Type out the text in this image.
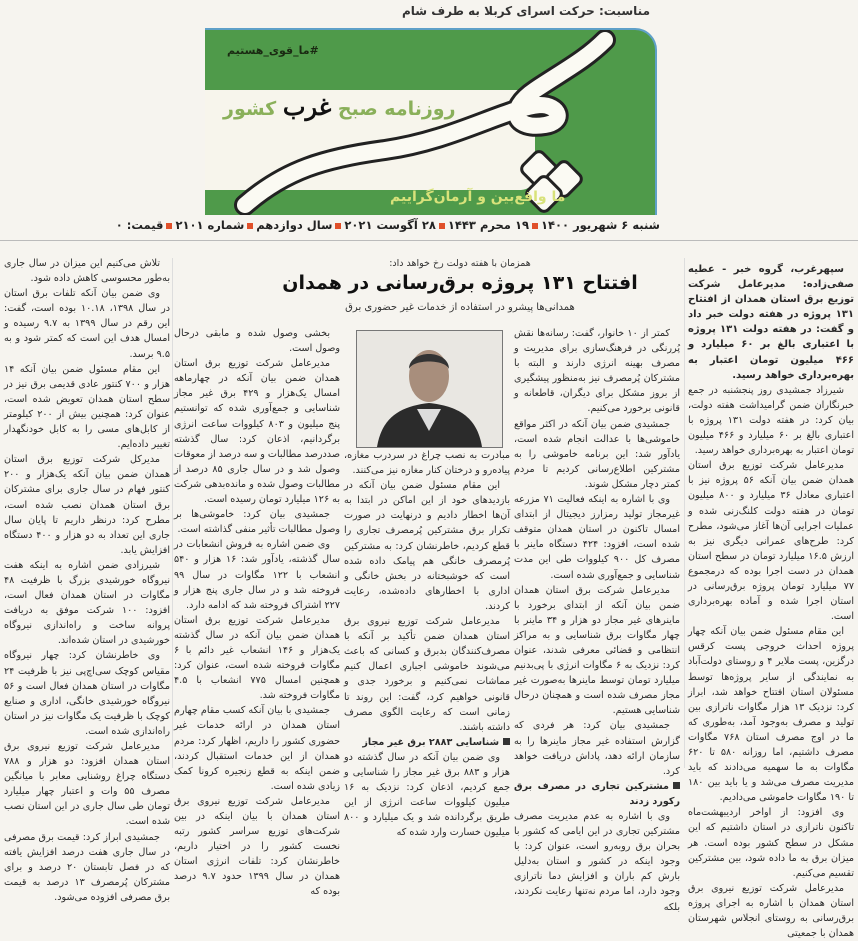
مناسبت: حرکت اسرای کربلا به طرف شام
#ما_قوی_هستیم
روزنامه صبح غرب کشور
ما واقع‌بین و آرمان‌گراییم
شنبه ۶ شهریور ۱۴۰۰۱۹ محرم ۱۴۴۳۲۸ آگوست ۲۰۲۱سال دوازدهمشماره ۲۱۰۱قیمت: ۰
همزمان با هفته دولت رخ خواهد داد:
افتتاح ۱۳۱ پروژه برق‌رسانی در همدان
همدانی‌ها پیشرو در استفاده از خدمات غیر حضوری برق

سپهرغرب، گروه خبر - عطیه صفی‌زاده: مدیرعامل شرکت توزیع برق استان همدان از افتتاح ۱۳۱ پروژه در هفته دولت خبر داد و گفت: در هفته دولت ۱۳۱ پروژه با اعتباری بالغ بر ۶۰ میلیارد و ۴۶۶ میلیون تومان اعتبار به بهره‌برداری خواهد رسید.

شیرزاد جمشیدی روز پنجشنبه در جمع خبرنگاران ضمن گرامیداشت هفته دولت، بیان کرد: در هفته دولت ۱۳۱ پروژه با اعتباری بالغ بر ۶۰ میلیارد و ۴۶۶ میلیون تومان اعتبار به بهره‌برداری خواهد رسید.

مدیرعامل شرکت توزیع برق استان همدان ضمن بیان آنکه ۵۶ پروژه نیز با اعتباری معادل ۳۶ میلیارد و ۸۰۰ میلیون تومان در هفته دولت کلنگ‌زنی شده و عملیات اجرایی آن‌ها آغاز می‌شود، مطرح کرد: طرح‌های عمرانی دیگری نیز به ارزش ۱۶.۵ میلیارد تومان در سطح استان همدان در دست اجرا بوده که درمجموع ۷۷ میلیارد تومان پروژه برق‌رسانی در استان اجرا شده و آماده بهره‌برداری است.

این مقام مسئول ضمن بیان آنکه چهار پروژه احداث خروجی پست کرقس درگزین، پست ملایر ۴ و روستای دولت‌آباد به نمایندگی از سایر پروژه‌ها توسط مسئولان استان افتتاح خواهد شد، ابراز کرد: نزدیک ۱۳ هزار مگاوات ناترازی بین تولید و مصرف به‌وجود آمد، به‌طوری که ما در اوج مصرف استان ۷۶۸ مگاوات مصرف داشتیم، اما روزانه ۵۸۰ تا ۶۲۰ مگاوات به ما سهمیه می‌دادند که باید مدیریت مصرف می‌شد و یا باید بین ۱۸۰ تا ۱۹۰ مگاوات خاموشی می‌دادیم.

وی افزود: از اواخر اردیبهشت‌ماه تاکنون ناترازی در استان داشتیم که این مشکل در سطح کشور بوده است. هر میزان برق به ما داده شود، بین مشترکین تقسیم می‌کنیم.

مدیرعامل شرکت توزیع نیروی برق استان همدان با اشاره به اجرای پروژه برق‌رسانی به روستای انجلاس شهرستان همدان با جمعیتی

کمتر از ۱۰ خانوار، گفت: رسانه‌ها نقش پُررنگی در فرهنگ‌سازی برای مدیریت و مصرف بهینه انرژی دارند و البته با مشترکان پُرمصرف نیز به‌منظور پیشگیری از بروز مشکل برای دیگران، قاطعانه و قانونی برخورد می‌کنیم.

جمشیدی ضمن بیان آنکه در اکثر مواقع خاموشی‌ها با عدالت انجام شده است، یادآور شد: این برنامه خاموشی را به مشترکین اطلاع‌رسانی کردیم تا مردم کمتر دچار مشکل شوند.

وی با اشاره به اینکه فعالیت ۷۱ مزرعه غیرمجاز تولید رمزارز دیجیتال از ابتدای امسال تاکنون در استان همدان متوقف شده است، افزود: ۴۲۴ دستگاه ماینر با مصرف کل ۹۰۰ کیلووات طی این مدت شناسایی و جمع‌آوری شده است.

مدیرعامل شرکت برق استان همدان ضمن بیان آنکه از ابتدای برخورد با ماینرهای غیر مجاز دو هزار و ۳۴ ماینر با چهار مگاوات برق شناسایی و به مراکز انتظامی و قضائی معرفی شدند، عنوان کرد: نزدیک به ۶ مگاوات انرژی با پی‌بدنیم میلیارد تومان توسط ماینرها به‌صورت غیر مجاز مصرف شده است و همچنان درحال شناسایی هستیم.

جمشیدی بیان کرد: هر فردی که گزارش استفاده غیر مجاز ماینرها را به سازمان ارائه دهد، پاداش دریافت خواهد کرد.

مشترکین تجاری در مصرف برق رکورد زدند

وی با اشاره به عدم مدیریت مصرف مشترکین تجاری در این ایامی که کشور با بحران برق روبه‌رو است، عنوان کرد: با وجود اینکه در کشور و استان به‌دلیل بارش کم باران و افزایش دما ناترازی وجود دارد، اما مردم نه‌تنها رعایت نکردند، بلکه

مبادرت به نصب چراغ در سردرب مغازه، پیاده‌رو و درختان کنار مغازه نیز می‌کنند.

این مقام مسئول ضمن بیان آنکه در بازدیدهای خود از این اماکن در ابتدا به آن‌ها اخطار دادیم و درنهایت در صورت تکرار برق مشترکین پُرمصرف تجاری را قطع کردیم، خاطرنشان کرد: به مشترکین پُرمصرف خانگی هم پیامک داده شده است که خوشبختانه در بخش خانگی و اداری با اخطارهای داده‌شده، رعایت کردند.

مدیرعامل شرکت توزیع نیروی برق استان همدان ضمن تأکید بر آنکه با مصرف‌کنندگان بدبرق و کسانی که باعث می‌شوند خاموشی اجباری اعمال کنیم مماشات نمی‌کنیم و برخورد جدی و قانونی خواهیم کرد، گفت: این روند تا زمانی است که رعایت الگوی مصرف داشته باشند.

شناسایی ۲۸۸۳ برق غیر مجاز

وی ضمن بیان آنکه در سال گذشته دو هزار و ۸۸۳ برق غیر مجاز را شناسایی و جمع کردیم، اذعان کرد: نزدیک به ۱۶ میلیون کیلووات ساعت انرژی از این طریق برگردانده شد و یک میلیارد و ۸۰۰ میلیون خسارت وارد شده که

بخشی وصول شده و مابقی درحال وصول است.

مدیرعامل شرکت توزیع برق استان همدان ضمن بیان آنکه در چهارماهه امسال یک‌هزار و ۴۲۹ برق غیر مجاز شناسایی و جمع‌آوری شده که توانستیم پنج میلیون و ۸۰۳ کیلووات ساعت انرژی برگردانیم، اذعان کرد: سال گذشته صددرصد مطالبات و سه درصد از معوقات وصول شد و در سال جاری ۸۵ درصد از مطالبات وصول شده و مانده‌بدهی شرکت به ۱۲۶ میلیارد تومان رسیده است.

جمشیدی بیان کرد: خاموشی‌ها بر وصول مطالبات تأثیر منفی گذاشته است.

وی ضمن اشاره به فروش انشعابات در سال گذشته، یادآور شد: ۱۶ هزار و ۵۴۰ انشعاب با ۱۲۲ مگاوات در سال ۹۹ فروخته شد و در سال جاری پنج هزار و ۲۲۷ اشتراک فروخته شد که ادامه دارد.

مدیرعامل شرکت توزیع برق استان همدان ضمن بیان آنکه در سال گذشته یک‌هزار و ۱۴۶ انشعاب غیر دائم با ۶ مگاوات فروخته شده است، عنوان کرد: همچنین امسال ۷۷۵ انشعاب با ۴.۵ مگاوات فروخته شد.

جمشیدی با بیان آنکه کسب مقام چهارم استان همدان در ارائه خدمات غیر حضوری کشور را داریم، اظهار کرد: مردم همدان از این خدمات استقبال کردند، ضمن اینکه به قطع زنجیره کرونا کمک زیادی شده است.

مدیرعامل شرکت توزیع نیروی برق استان همدان با بیان اینکه در بین شرکت‌های توزیع سراسر کشور رتبه نخست کشور را در اختیار داریم، خاطرنشان کرد: تلفات انرژی استان همدان در سال ۱۳۹۹ حدود ۹.۷ درصد بوده که

تلاش می‌کنیم این میزان در سال جاری به‌طور محسوسی کاهش داده شود.

وی ضمن بیان آنکه تلفات برق استان در سال ۱۳۹۸، ۱۰.۱۸ بوده است، گفت: این رقم در سال ۱۳۹۹ به ۹.۷ رسیده و امسال هدف این است که کمتر شود و به ۹.۵ برسد.

این مقام مسئول ضمن بیان آنکه ۱۴ هزار و ۷۰۰ کنتور عادی قدیمی برق نیز در سطح استان همدان تعویض شده است، عنوان کرد: همچنین بیش از ۲۰۰ کیلومتر از کابل‌های مسی را به کابل خودنگهدار تغییر داده‌ایم.

مدیرکل شرکت توزیع برق استان همدان ضمن بیان آنکه یک‌هزار و ۲۰۰ کنتور فهام در سال جاری برای مشترکان برق استان همدان نصب شده است، مطرح کرد: درنظر داریم تا پایان سال جاری این تعداد به دو هزار و ۴۰۰ دستگاه افزایش یابد.

شیرزادی ضمن اشاره به اینکه هفت نیروگاه خورشیدی بزرگ با ظرفیت ۴۸ مگاوات در استان همدان فعال است، افزود: ۱۰۰ شرکت موفق به دریافت پروانه ساخت و راه‌اندازی نیروگاه خورشیدی در استان شده‌اند.

وی خاطرنشان کرد: چهار نیروگاه مقیاس کوچک سی‌اچ‌پی نیز با ظرفیت ۲۴ مگاوات در استان همدان فعال است و ۵۶ نیروگاه خورشیدی خانگی، اداری و صنایع کوچک با ظرفیت یک مگاوات نیز در استان راه‌اندازی شده است.

مدیرعامل شرکت توزیع نیروی برق استان همدان افزود: دو هزار و ۷۸۸ دستگاه چراغ روشنایی معابر با میانگین مصرف ۵۵ وات و اعتبار چهار میلیارد تومان طی سال جاری در این استان نصب شده است.

جمشیدی ابراز کرد: قیمت برق مصرفی در سال جاری هفت درصد افزایش یافته که در فصل تابستان ۲۰ درصد و برای مشترکان پُرمصرف ۱۳ درصد به قیمت برق مصرفی افزوده می‌شود.
